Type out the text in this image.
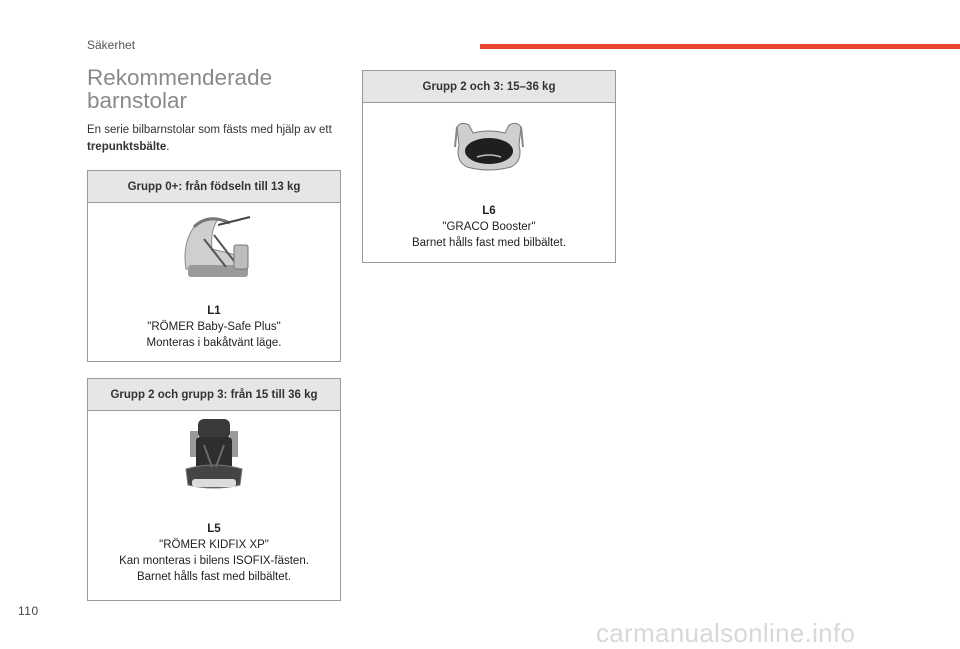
Säkerhet
Rekommenderade
barnstolar
En serie bilbarnstolar som fästs med hjälp av ett trepunktsbälte.
Grupp 0+: från födseln till 13 kg
L1
"RÖMER Baby-Safe Plus"
Monteras i bakåtvänt läge.
Grupp 2 och grupp 3: från 15 till 36 kg
L5
"RÖMER KIDFIX XP"
Kan monteras i bilens ISOFIX-fästen.
Barnet hålls fast med bilbältet.
Grupp 2 och 3: 15–36 kg
L6
"GRACO Booster"
Barnet hålls fast med bilbältet.
110
carmanualsonline.info
